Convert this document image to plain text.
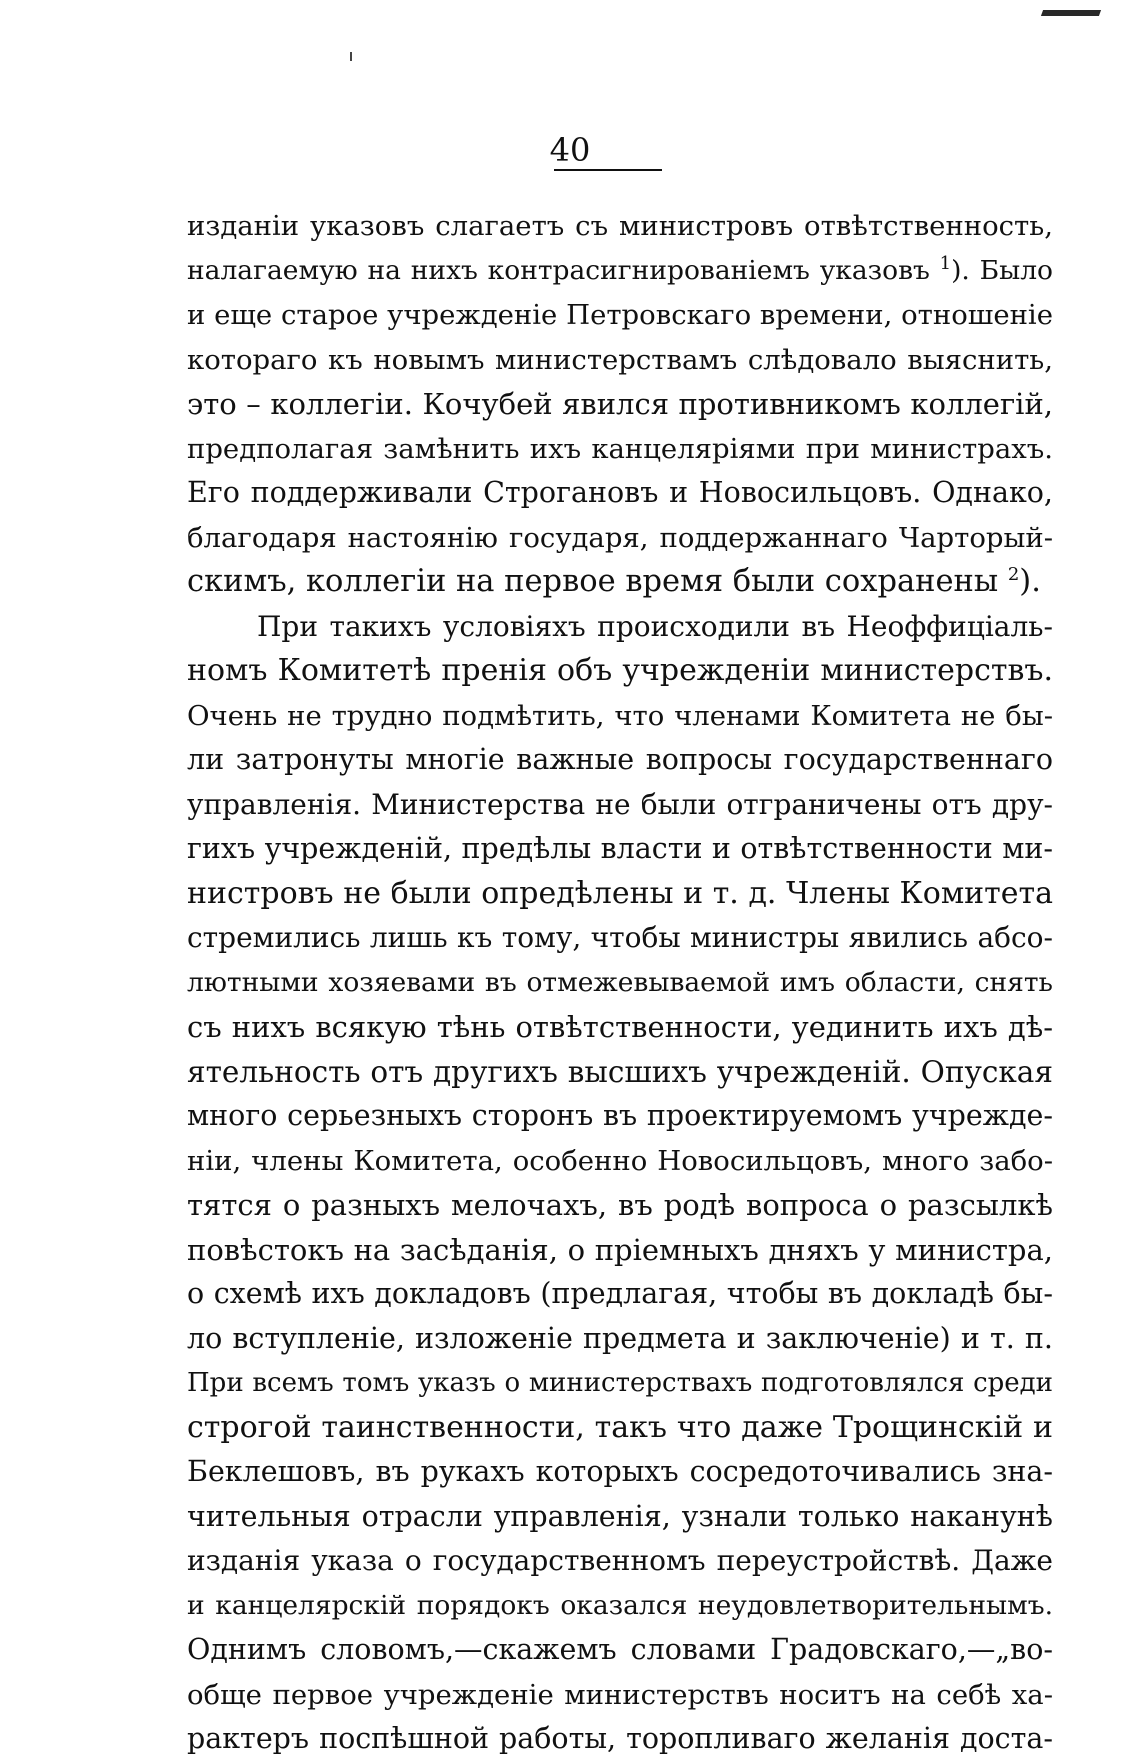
40
изданіи указовъ слагаетъ съ министровъ отвѣтственность,
налагаемую на нихъ контрасигнированіемъ указовъ $^1$). Было
и еще старое учрежденіе Петровскаго времени, отношеніе
котораго къ новымъ министерствамъ слѣдовало выяснить,
это – коллегіи. Кочубей явился противникомъ коллегій,
предполагая замѣнить ихъ канцеляріями при министрахъ.
Его поддерживали Строгановъ и Новосильцовъ. Однако,
благодаря настоянію государя, поддержаннаго Чарторый-
скимъ, коллегіи на первое время были сохранены $^2$).
При такихъ условіяхъ происходили въ Неоффиціаль-
номъ Комитетѣ пренія объ учрежденіи министерствъ.
Очень не трудно подмѣтить, что членами Комитета не бы-
ли затронуты многіе важные вопросы государственнаго
управленія. Министерства не были отграничены отъ дру-
гихъ учрежденій, предѣлы власти и отвѣтственности ми-
нистровъ не были опредѣлены и т. д. Члены Комитета
стремились лишь къ тому, чтобы министры явились абсо-
лютными хозяевами въ отмежевываемой имъ области, снять
съ нихъ всякую тѣнь отвѣтственности, уединить ихъ дѣ-
ятельность отъ другихъ высшихъ учрежденій. Опуская
много серьезныхъ сторонъ въ проектируемомъ учрежде-
ніи, члены Комитета, особенно Новосильцовъ, много забо-
тятся о разныхъ мелочахъ, въ родѣ вопроса о разсылкѣ
повѣстокъ на засѣданія, о пріемныхъ дняхъ у министра,
о схемѣ ихъ докладовъ (предлагая, чтобы въ докладѣ бы-
ло вступленіе, изложеніе предмета и заключеніе) и т. п.
При всемъ томъ указъ о министерствахъ подготовлялся среди
строгой таинственности, такъ что даже Трощинскій и
Беклешовъ, въ рукахъ которыхъ сосредоточивались зна-
чительныя отрасли управленія, узнали только наканунѣ
изданія указа о государственномъ переустройствѣ. Даже
и канцелярскій порядокъ оказался неудовлетворительнымъ.
Однимъ словомъ,—скажемъ словами Градовскаго,—„во-
обще первое учрежденіе министерствъ носитъ на себѣ ха-
рактеръ поспѣшной работы, торопливаго желанія доста-
